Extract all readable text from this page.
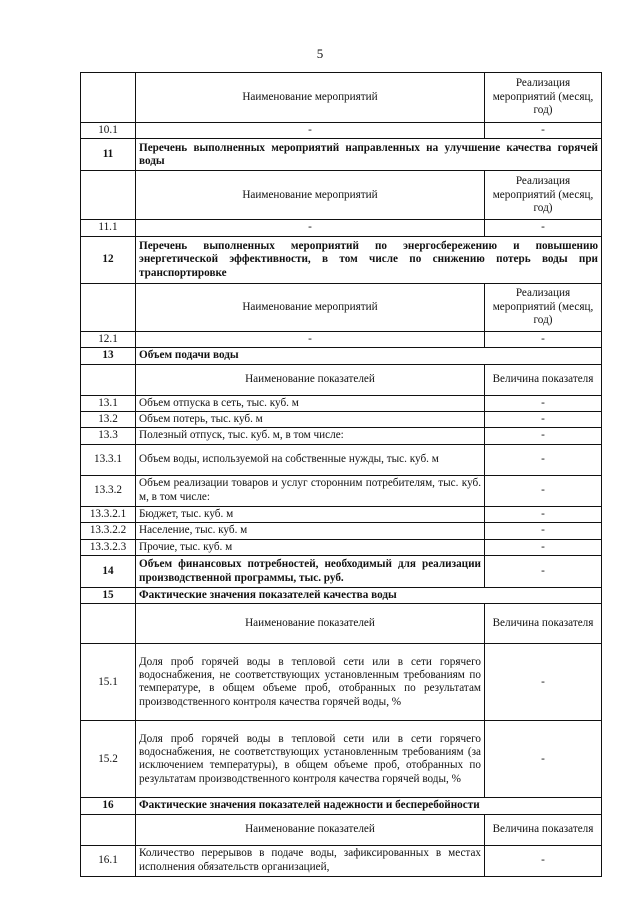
5
	Наименование мероприятий	Реализация мероприятий (месяц, год)
10.1	-	-
11	Перечень выполненных мероприятий направленных на улучшение качества горячей воды	
	Наименование мероприятий	Реализация мероприятий (месяц, год)
11.1	-	-
12	Перечень выполненных мероприятий по энергосбережению и повышению энергетической эффективности, в том числе по снижению потерь воды при транспортировке	
	Наименование мероприятий	Реализация мероприятий (месяц, год)
12.1	-	-
13	Объем подачи воды	
	Наименование показателей	Величина показателя
13.1	Объем отпуска в сеть, тыс. куб. м	-
13.2	Объем потерь, тыс. куб. м	-
13.3	Полезный отпуск, тыс. куб. м, в том числе:	-
13.3.1	Объем воды, используемой на собственные нужды, тыс. куб. м	-
13.3.2	Объем реализации товаров и услуг сторонним потребителям, тыс. куб. м, в том числе:	-
13.3.2.1	Бюджет, тыс. куб. м	-
13.3.2.2	Население, тыс. куб. м	-
13.3.2.3	Прочие, тыс. куб. м	-
14	Объем финансовых потребностей, необходимый для реализации производственной программы, тыс. руб.	-
15	Фактические значения показателей качества воды	
	Наименование показателей	Величина показателя
15.1	Доля проб горячей воды в тепловой сети или в сети горячего водоснабжения, не соответствующих установленным требованиям по температуре, в общем объеме проб, отобранных по результатам производственного контроля качества горячей воды, %	-
15.2	Доля проб горячей воды в тепловой сети или в сети горячего водоснабжения, не соответствующих установленным требованиям (за исключением температуры), в общем объеме проб, отобранных по результатам производственного контроля качества горячей воды, %	-
16	Фактические значения показателей надежности и бесперебойности	
	Наименование показателей	Величина показателя
16.1	Количество перерывов в подаче воды, зафиксированных в местах исполнения обязательств организацией,	-
